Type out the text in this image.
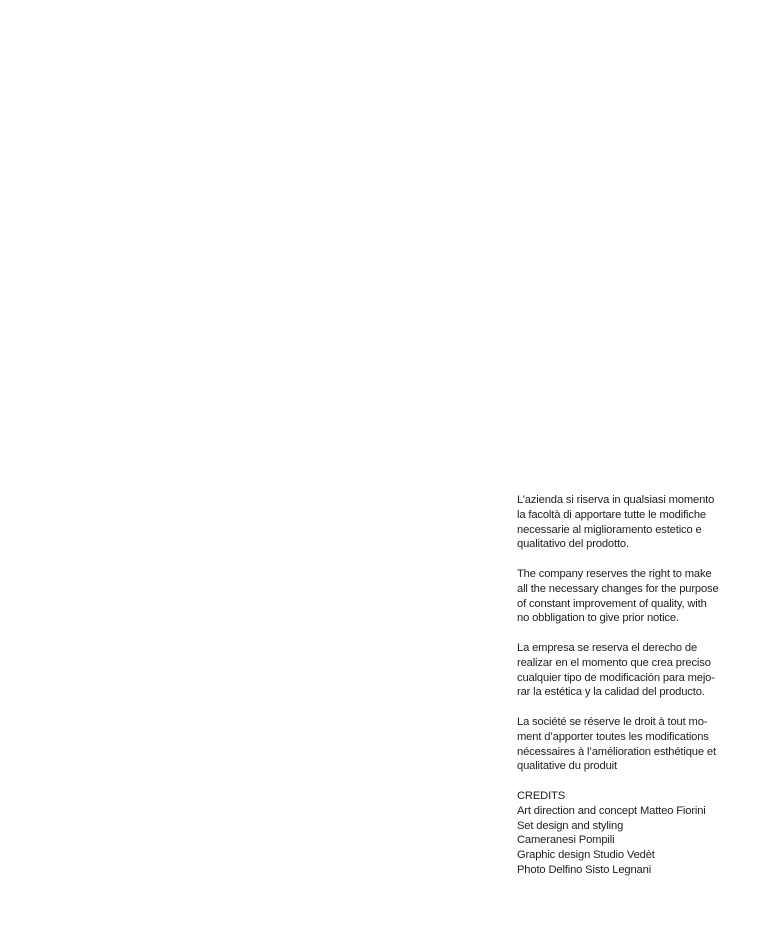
L’azienda si riserva in qualsiasi momento
la facoltà di apportare tutte le modifiche
necessarie al miglioramento estetico e
qualitativo del prodotto.

The company reserves the right to make
all the necessary changes for the purpose
of constant improvement of quality, with
no obbligation to give prior notice.

La empresa se reserva el derecho de
realizar en el momento que crea preciso
cualquier tipo de modificación para mejo-
rar la estética y la calidad del producto.

La société se réserve le droit à tout mo-
ment d’apporter toutes les modifications
nécessaires à l’amélioration esthétique et
qualitative du produit

CREDITS
Art direction and concept Matteo Fiorini
Set design and styling
Cameranesi Pompili
Graphic design Studio Vedèt
Photo Delfino Sisto Legnani
